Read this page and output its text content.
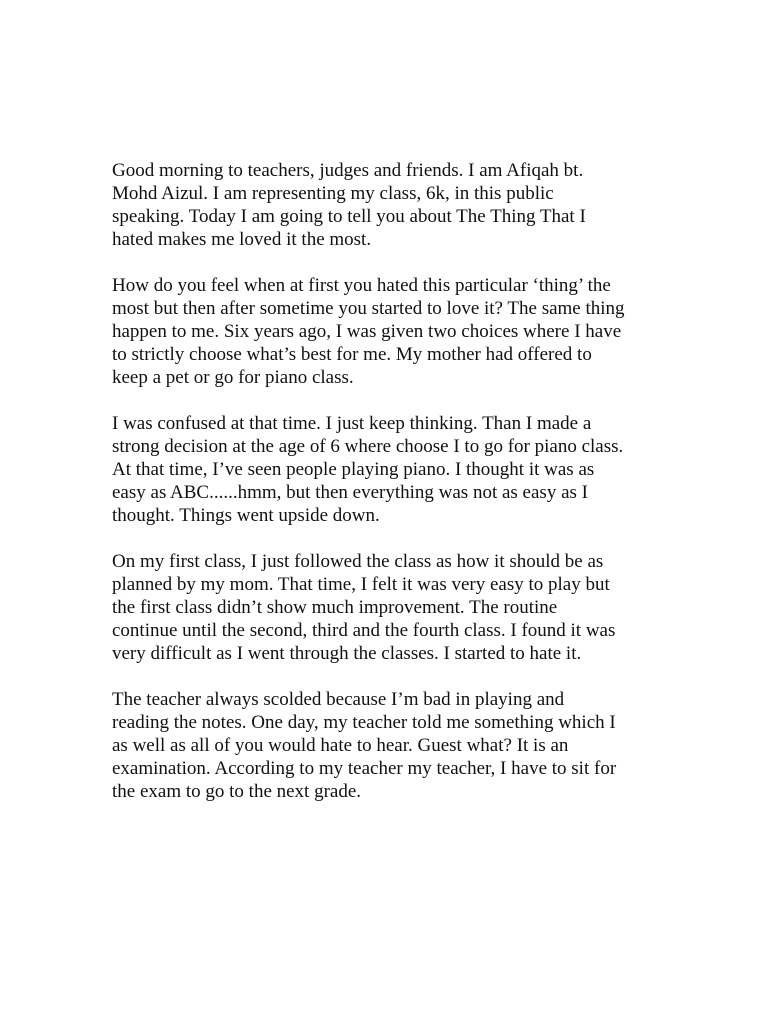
Good morning to teachers, judges and friends. I am Afiqah bt.
Mohd Aizul. I am representing my class, 6k, in this public
speaking. Today I am going to tell you about The Thing That I
hated makes me loved it the most.

How do you feel when at first you hated this particular ‘thing’ the
most but then after sometime you started to love it? The same thing
happen to me. Six years ago, I was given two choices where I have
to strictly choose what’s best for me. My mother had offered to
keep a pet or go for piano class.

I was confused at that time. I just keep thinking. Than I made a
strong decision at the age of 6 where choose I to go for piano class.
At that time, I’ve seen people playing piano. I thought it was as
easy as ABC......hmm, but then everything was not as easy as I
thought. Things went upside down.

On my first class, I just followed the class as how it should be as
planned by my mom. That time, I felt it was very easy to play but
the first class didn’t show much improvement. The routine
continue until the second, third and the fourth class. I found it was
very difficult as I went through the classes. I started to hate it.

The teacher always scolded because I’m bad in playing and
reading the notes. One day, my teacher told me something which I
as well as all of you would hate to hear. Guest what? It is an
examination. According to my teacher my teacher, I have to sit for
the exam to go to the next grade.
